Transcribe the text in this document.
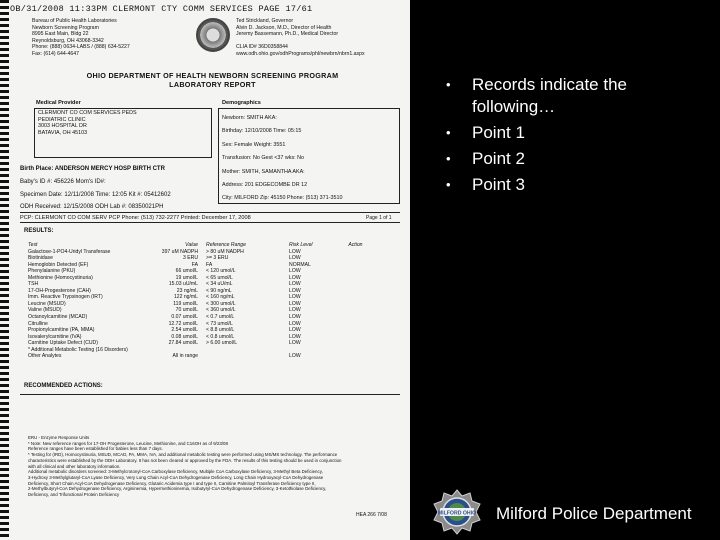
OB/31/2008 11:33PM CLERMONT CTY COMM SERVICES PAGE 17/61
Bureau of Public Health Laboratories
Newborn Screening Program
8995 East Main, Bldg 22
Reynoldsburg, OH 43068-3342
Phone: (888) 0634-LABS / (888) 634-5227
Fax: (614) 644-4647
Ted Strickland, Governor
Alvin D. Jackson, M.D., Director of Health
Jeremy Bassemann, Ph.D., Medical Director

CLIA ID# 36D0358844
www.odh.ohio.gov/odhPrograms/phl/newbrn/nbrn1.aspx
OHIO DEPARTMENT OF HEALTH NEWBORN SCREENING PROGRAM
LABORATORY REPORT
Medical Provider	Demographics
CLERMONT CO COM SERVICES PEDS
PEDIATRIC CLINIC
3003 HOSPITAL DR
BATAVIA, OH 45103
Newborn: SMITH AKA:
Birthday: 12/10/2008 Time: 05:15
Sex: Female Weight: 3551
Transfusion: No Gest <37 wks: No
Mother: SMITH, SAMANTHA AKA:
Address: 201 EDGECOMBE DR 12
City: MILFORD Zip: 45150 Phone: (513) 371-3510
Birth Place: ANDERSON MERCY HOSP BIRTH CTR
Baby's ID #: 456226 Mom's ID#:
Specimen Date: 12/11/2008 Time: 12:05 Kit #: 05412602
ODH Received: 12/15/2008 ODH Lab #: 08350021PH
PCP: CLERMONT CO COM SERV PCP Phone: (513) 732-2277 Printed: December 17, 2008	Page 1 of 1
RESULTS:
Test	Value	Reference Range	Risk Level	Action
Galactose-1-PO4-Uridyl Transferase	397 uM NADPH	> 80 uM NADPH	LOW
Biotinidase	3 ERU	>= 3 ERU	LOW
Hemoglobin Detected (EF)	FA	FA	NORMAL
Phenylalanine (PKU)	66 umol/L	< 120 umol/L	LOW
Methionine (Homocystinuria)	19 umol/L	< 65 umol/L	LOW
TSH	15.03 uU/mL	< 34 uU/mL	LOW
17-OH-Progesterone (CAH)	23 ng/mL	< 90 ng/mL	LOW
Imm. Reactive Trypsinogen (IRT)	122 ng/mL	< 160 ng/mL	LOW
Leucine (MSUD)	119 umol/L	< 300 umol/L	LOW
Valine (MSUD)	70 umol/L	< 360 umol/L	LOW
Octanoylcarnitine (MCAD)	0.07 umol/L	< 0.7 umol/L	LOW
Citrulline	12.72 umol/L	< 73 umol/L	LOW
Propionylcarnitine (PA, MMA)	2.54 umol/L	< 8.8 umol/L	LOW
Isovalerylcarnitine (IVA)	0.08 umol/L	< 0.8 umol/L	LOW
Carnitine Uptake Defect (CUD)	27.84 umol/L	> 6.00 umol/L	LOW
* Additional Metabolic Testing (16 Disorders)
Other Analytes	All in range	LOW
RECOMMENDED ACTIONS:
ERU - Enzyme Response Units
* Note: New reference ranges for 17-OH Progesterone, Leucine, Methionine, and C16OH as of 9/23/08
Reference ranges have been established for babies less than 7 days.
* Testing for (IRD), Homocystinuria, MSUD, MCAD, PA, MMA, IVA, and additional metabolic testing were performed using MS/MS technology. The performance
characteristics were established by the ODH Laboratory. It has not been cleared or approved by the FDA. The results of this testing should be used in conjunction
with all clinical and other laboratory information.
Additional metabolic disorders screened: 3-Methylcrotonyl-CoA Carboxylase Deficiency, Multiple CoA Carboxylase Deficiency, 3-Methyl Beta Deficiency,
3-Hydroxy 3-Methylglutaryl-CoA Lyase Deficiency, Very Long Chain Acyl-CoA Dehydrogenase Deficiency, Long Chain Hydroxyacyl-CoA Dehydrogenase
Deficiency, Short Chain Acyl-CoA Dehydrogenase Deficiency, Glutaric Acidemia type I and type II, Carnitine Palmitoyl Transferase Deficiency type II,
2-Methylbutyryl-CoA Dehydrogenase Deficiency, Argininemia, Hypermethioninemia, Isobutyryl-CoA Dehydrogenase Deficiency, 3-Ketothiolase Deficiency,
Deficiency, and Trifunctional Protein Deficiency
HEA 266 7/08
• Records indicate the following…
• Point 1
• Point 2
• Point 3
MILFORD OHIO Milford Police Department
